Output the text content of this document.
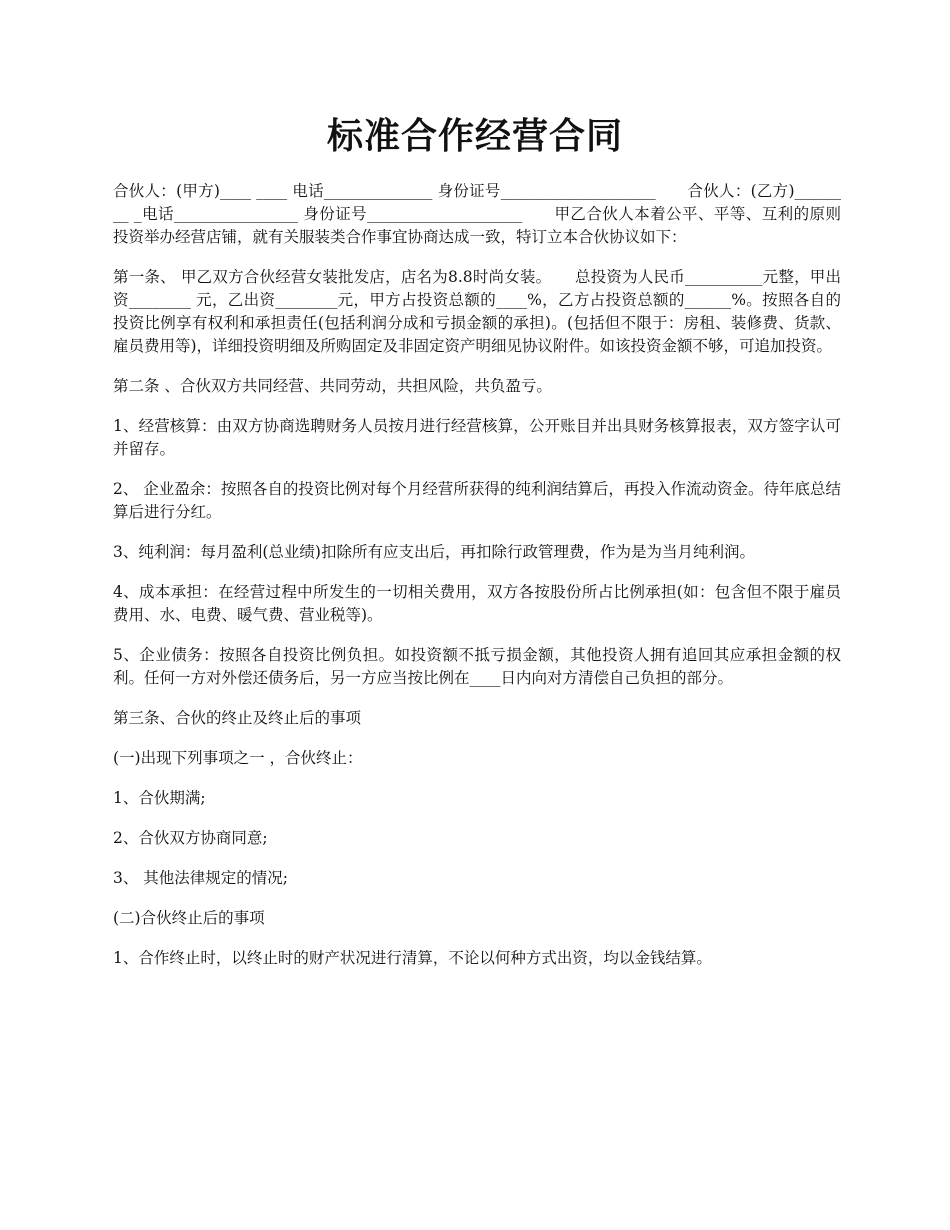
标准合作经营合同

合伙人：(甲方)____ ____ 电话______________ 身份证号____________________　　合伙人：(乙方)________ _电话________________ 身份证号____________________　　甲乙合伙人本着公平、平等、互利的原则投资举办经营店铺，就有关服装类合作事宜协商达成一致，特订立本合伙协议如下：

第一条、 甲乙双方合伙经营女装批发店，店名为8.8时尚女装。　　总投资为人民币__________元整，甲出资________ 元，乙出资________元，甲方占投资总额的____%，乙方占投资总额的______%。按照各自的投资比例享有权利和承担责任(包括利润分成和亏损金额的承担)。(包括但不限于：房租、装修费、货款、雇员费用等)，详细投资明细及所购固定及非固定资产明细见协议附件。如该投资金额不够，可追加投资。

第二条 、合伙双方共同经营、共同劳动，共担风险，共负盈亏。

1、经营核算：由双方协商选聘财务人员按月进行经营核算，公开账目并出具财务核算报表，双方签字认可并留存。

2、 企业盈余：按照各自的投资比例对每个月经营所获得的纯利润结算后，再投入作流动资金。待年底总结算后进行分红。

3、纯利润：每月盈利(总业绩)扣除所有应支出后，再扣除行政管理费，作为是为当月纯利润。

4、成本承担：在经营过程中所发生的一切相关费用，双方各按股份所占比例承担(如：包含但不限于雇员费用、水、电费、暖气费、营业税等)。

5、企业债务：按照各自投资比例负担。如投资额不抵亏损金额，其他投资人拥有追回其应承担金额的权利。任何一方对外偿还债务后，另一方应当按比例在____日内向对方清偿自己负担的部分。

第三条、合伙的终止及终止后的事项

(一)出现下列事项之一 ，合伙终止：

1、合伙期满;

2、合伙双方协商同意;

3、 其他法律规定的情况;

(二)合伙终止后的事项

1、合作终止时，以终止时的财产状况进行清算，不论以何种方式出资，均以金钱结算。
